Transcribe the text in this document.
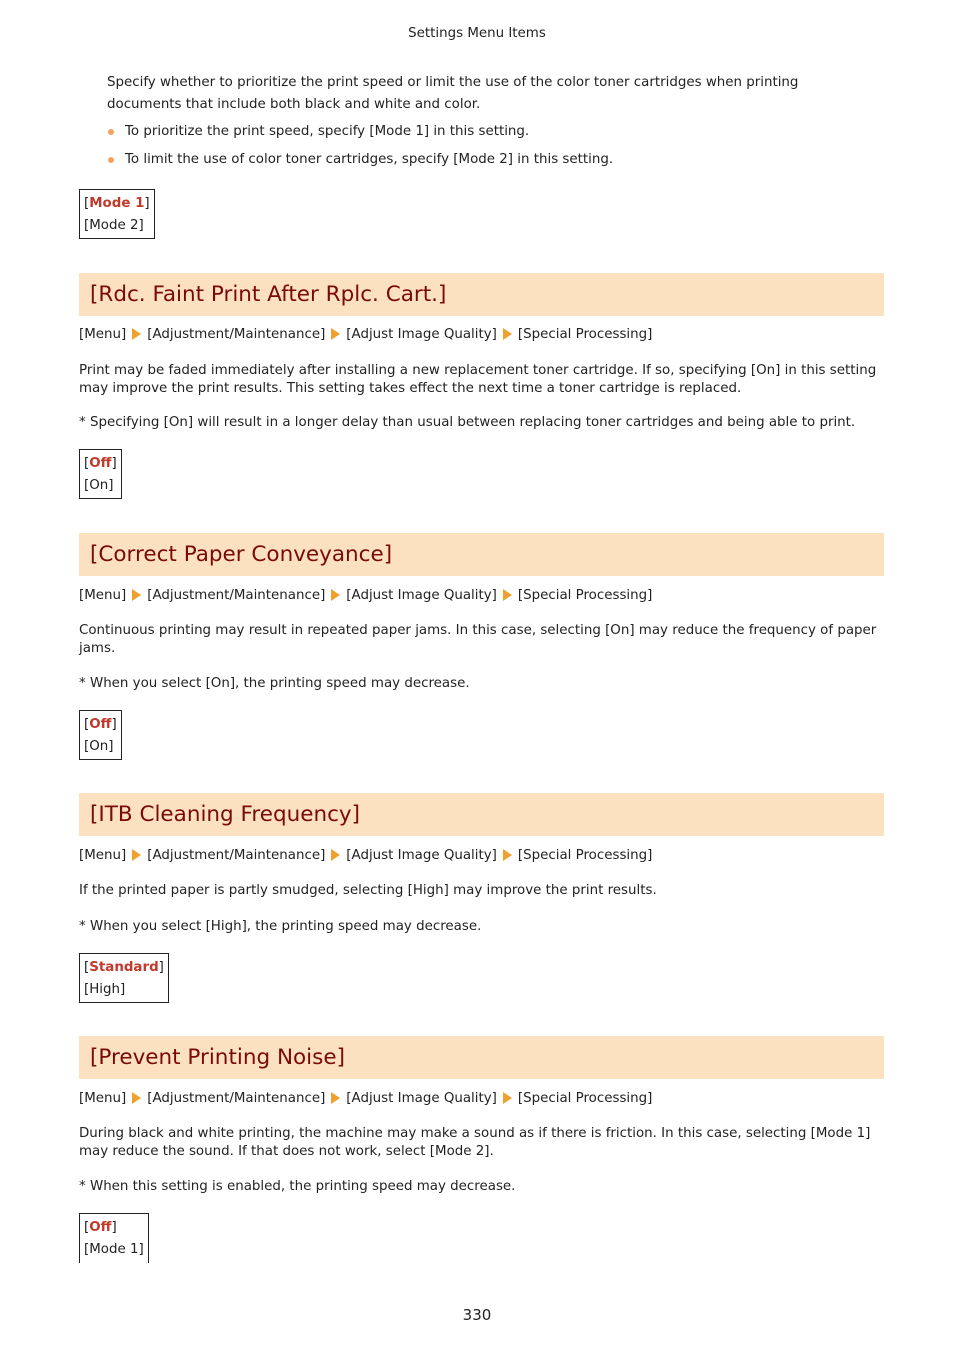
Settings Menu Items
Specify whether to prioritize the print speed or limit the use of the color toner cartridges when printing documents that include both black and white and color.
To prioritize the print speed, specify [Mode 1] in this setting.
To limit the use of color toner cartridges, specify [Mode 2] in this setting.
[Mode 1]
[Mode 2]
[Rdc. Faint Print After Rplc. Cart.]
[Menu] [Adjustment/Maintenance] [Adjust Image Quality] [Special Processing]
Print may be faded immediately after installing a new replacement toner cartridge. If so, specifying [On] in this setting may improve the print results. This setting takes effect the next time a toner cartridge is replaced.
* Specifying [On] will result in a longer delay than usual between replacing toner cartridges and being able to print.
[Off]
[On]
[Correct Paper Conveyance]
[Menu] [Adjustment/Maintenance] [Adjust Image Quality] [Special Processing]
Continuous printing may result in repeated paper jams. In this case, selecting [On] may reduce the frequency of paper jams.
* When you select [On], the printing speed may decrease.
[Off]
[On]
[ITB Cleaning Frequency]
[Menu] [Adjustment/Maintenance] [Adjust Image Quality] [Special Processing]
If the printed paper is partly smudged, selecting [High] may improve the print results.
* When you select [High], the printing speed may decrease.
[Standard]
[High]
[Prevent Printing Noise]
[Menu] [Adjustment/Maintenance] [Adjust Image Quality] [Special Processing]
During black and white printing, the machine may make a sound as if there is friction. In this case, selecting [Mode 1] may reduce the sound. If that does not work, select [Mode 2].
* When this setting is enabled, the printing speed may decrease.
[Off]
[Mode 1]
330
